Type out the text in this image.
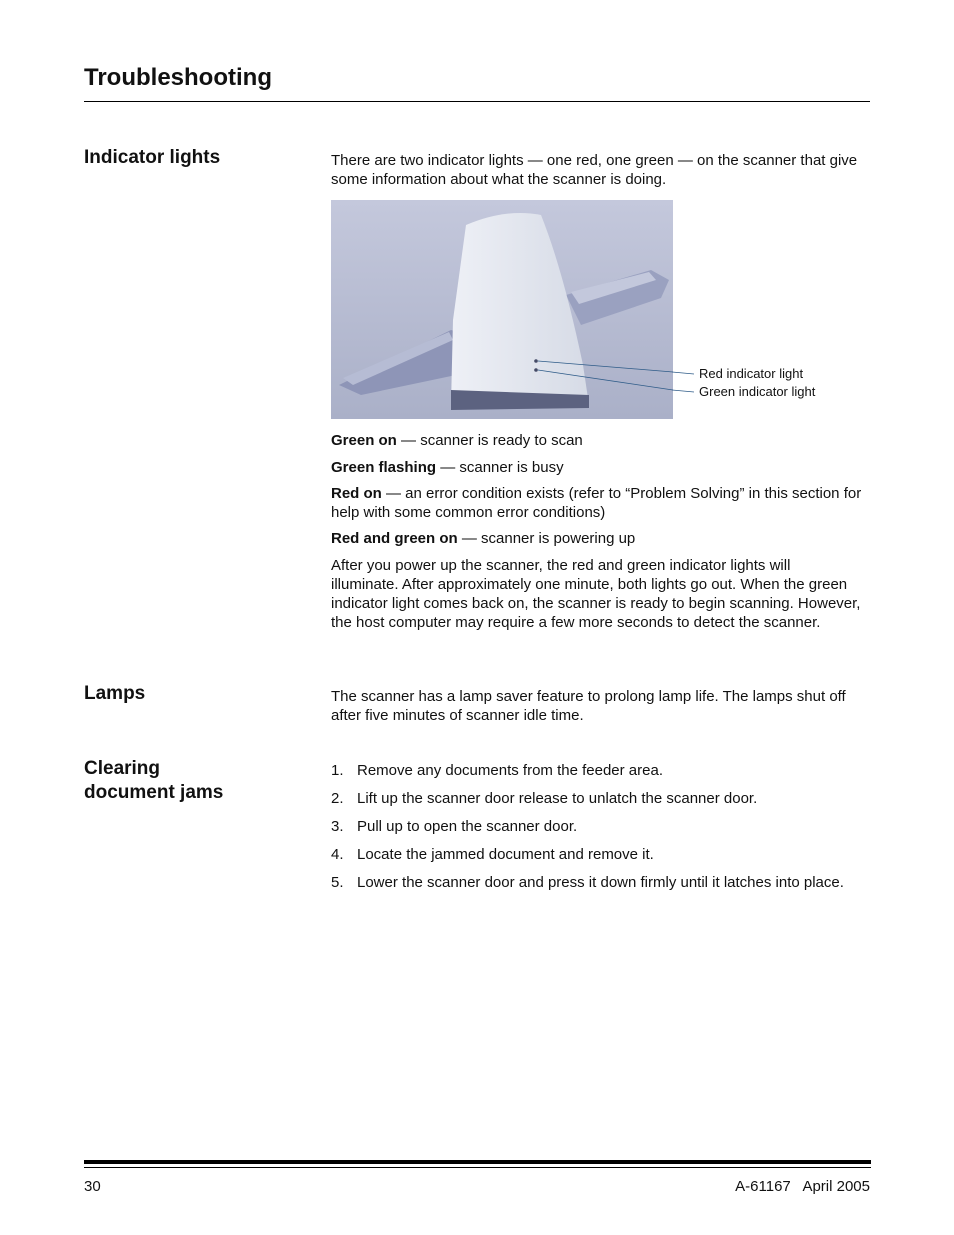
Troubleshooting
Indicator lights	There are two indicator lights — one red, one green — on the scanner that give some information about what the scanner is doing.

Red indicator light
Green indicator light

Green on — scanner is ready to scan

Green flashing — scanner is busy

Red on — an error condition exists (refer to “Problem Solving” in this section for help with some common error conditions)

Red and green on — scanner is powering up

After you power up the scanner, the red and green indicator lights will illuminate. After approximately one minute, both lights go out. When the green indicator light comes back on, the scanner is ready to begin scanning. However, the host computer may require a few more seconds to detect the scanner.

Lamps	The scanner has a lamp saver feature to prolong lamp life. The lamps shut off after five minutes of scanner idle time.

Clearing document jams
1. Remove any documents from the feeder area.
2. Lift up the scanner door release to unlatch the scanner door.
3. Pull up to open the scanner door.
4. Locate the jammed document and remove it.
5. Lower the scanner door and press it down firmly until it latches into place.
30	A-61167   April 2005
